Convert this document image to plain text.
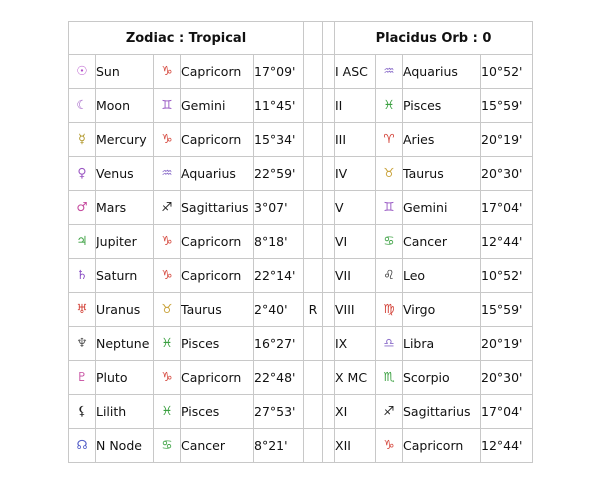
Zodiac : Tropical							Placidus Orb : 0			
☉	Sun	♑	Capricorn	17°09'			I ASC	♒	Aquarius	10°52'
☾	Moon	♊	Gemini	11°45'			II	♓	Pisces	15°59'
☿	Mercury	♑	Capricorn	15°34'			III	♈	Aries	20°19'
♀	Venus	♒	Aquarius	22°59'			IV	♉	Taurus	20°30'
♂	Mars	♐	Sagittarius	3°07'			V	♊	Gemini	17°04'
♃	Jupiter	♑	Capricorn	8°18'			VI	♋	Cancer	12°44'
♄	Saturn	♑	Capricorn	22°14'			VII	♌	Leo	10°52'
♅	Uranus	♉	Taurus	2°40'	R		VIII	♍	Virgo	15°59'
♆	Neptune	♓	Pisces	16°27'			IX	♎	Libra	20°19'
♇	Pluto	♑	Capricorn	22°48'			X MC	♏	Scorpio	20°30'
⚸	Lilith	♓	Pisces	27°53'			XI	♐	Sagittarius	17°04'
☊	N Node	♋	Cancer	8°21'			XII	♑	Capricorn	12°44'
